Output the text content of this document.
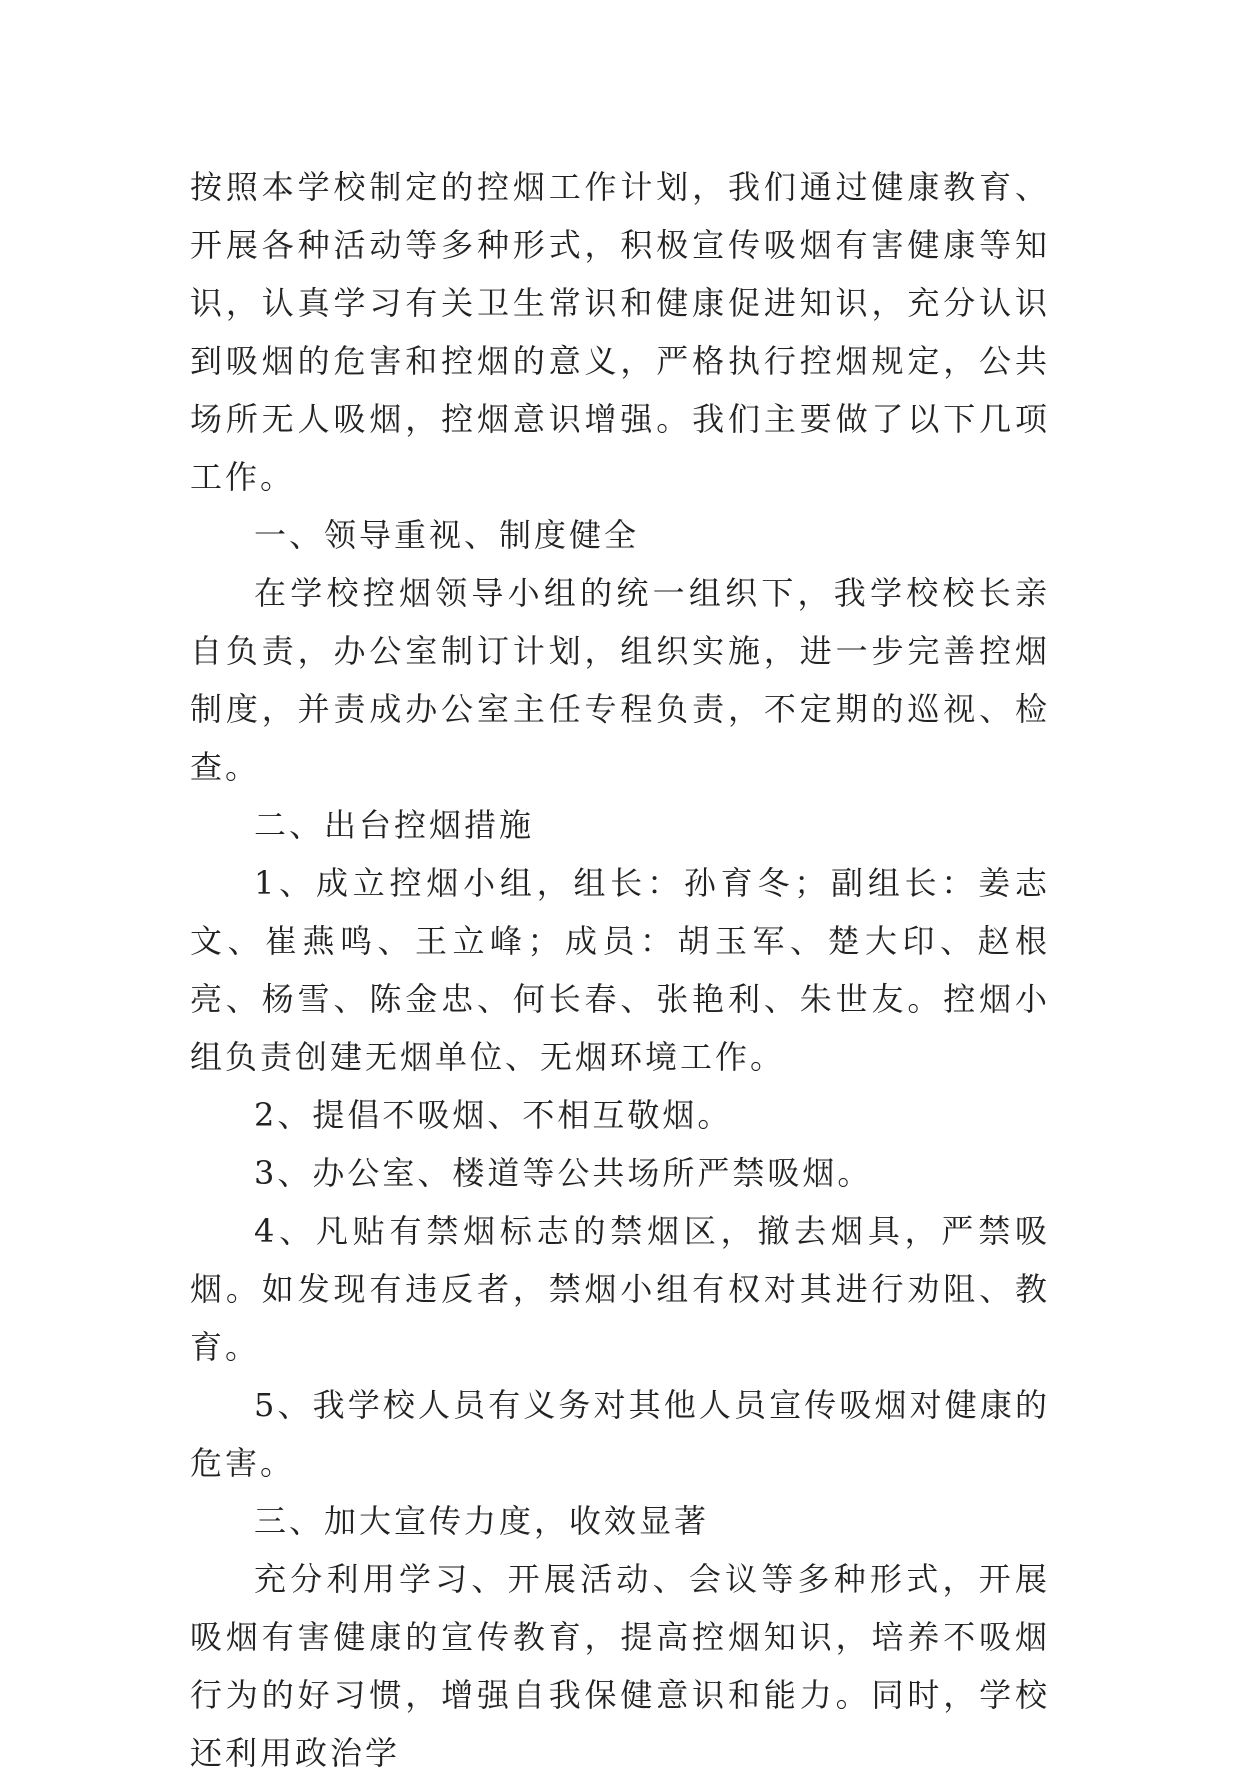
按照本学校制定的控烟工作计划，我们通过健康教育、开展各种活动等多种形式，积极宣传吸烟有害健康等知识，认真学习有关卫生常识和健康促进知识，充分认识到吸烟的危害和控烟的意义，严格执行控烟规定，公共场所无人吸烟，控烟意识增强。我们主要做了以下几项工作。

一、领导重视、制度健全

在学校控烟领导小组的统一组织下，我学校校长亲自负责，办公室制订计划，组织实施，进一步完善控烟制度，并责成办公室主任专程负责，不定期的巡视、检查。

二、出台控烟措施

1、成立控烟小组，组长：孙育冬；副组长：姜志文、崔燕鸣、王立峰；成员：胡玉军、楚大印、赵根亮、杨雪、陈金忠、何长春、张艳利、朱世友。控烟小组负责创建无烟单位、无烟环境工作。

2、提倡不吸烟、不相互敬烟。

3、办公室、楼道等公共场所严禁吸烟。

4、凡贴有禁烟标志的禁烟区，撤去烟具，严禁吸烟。如发现有违反者，禁烟小组有权对其进行劝阻、教育。

5、我学校人员有义务对其他人员宣传吸烟对健康的危害。

三、加大宣传力度，收效显著

充分利用学习、开展活动、会议等多种形式，开展吸烟有害健康的宣传教育，提高控烟知识，培养不吸烟行为的好习惯，增强自我保健意识和能力。同时，学校还利用政治学
